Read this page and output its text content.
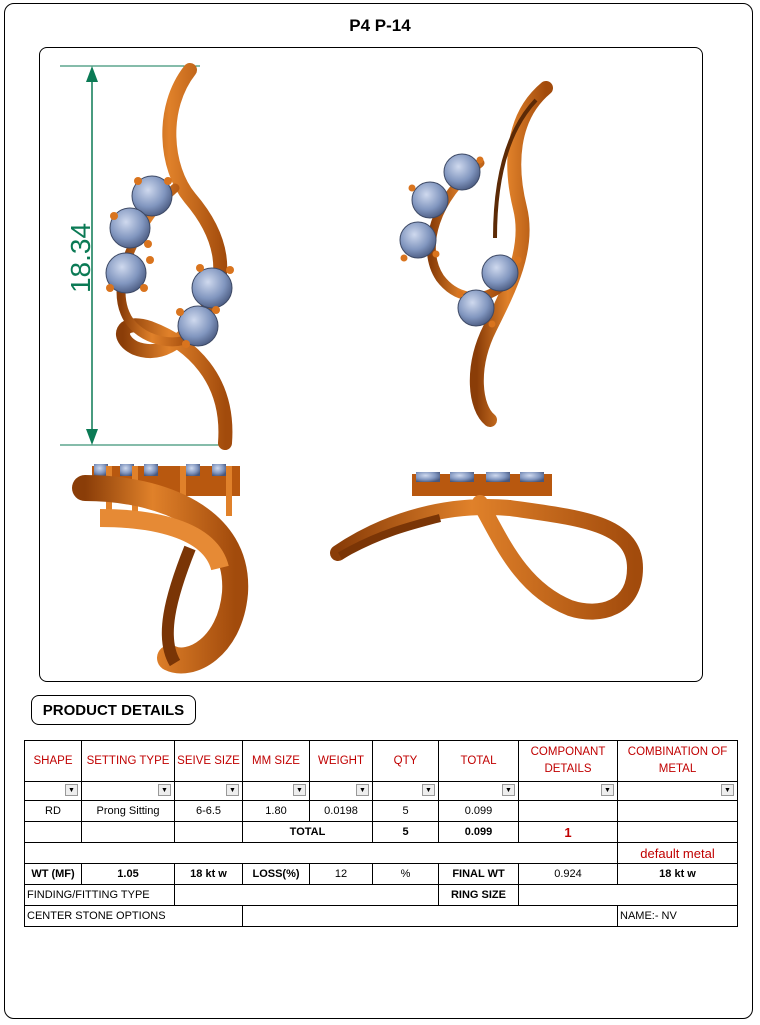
P4 P-14
18.34
PRODUCT DETAILS
SHAPE	SETTING TYPE	SEIVE SIZE	MM SIZE	WEIGHT	QTY	TOTAL	COMPONANT DETAILS	COMBINATION OF METAL

▼	▼	▼	▼	▼	▼	▼	▼	▼

RD	Prong Sitting	6-6.5	1.80	0.0198	5	0.099		
			TOTAL		5	0.099	1	
								default metal
WT (MF)	1.05	18 kt w	LOSS(%)	12	%	FINAL WT	0.924	18 kt w
FINDING/FITTING TYPE						RING SIZE		
CENTER STONE OPTIONS								NAME:- NV
